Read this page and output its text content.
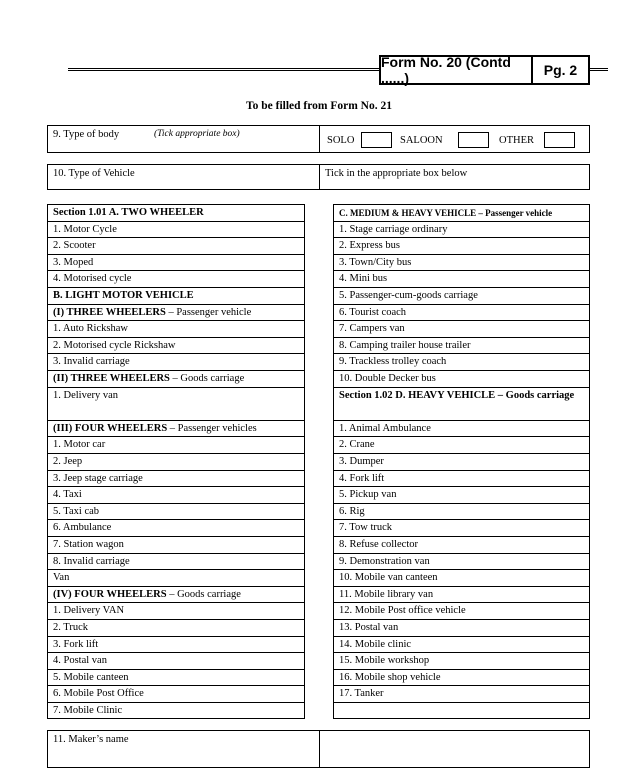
Form No. 20 (Contd ......)	Pg. 2
To be filled from Form No. 21
9. Type of body	(Tick appropriate box)
SOLO	SALOON	OTHER
10. Type of Vehicle	Tick in the appropriate box below
Section 1.01 A. TWO WHEELER
1. Motor Cycle
2. Scooter
3. Moped
4. Motorised cycle
B. LIGHT MOTOR VEHICLE
(I) THREE WHEELERS – Passenger vehicle
1. Auto Rickshaw
2. Motorised cycle Rickshaw
3. Invalid carriage
(II) THREE WHEELERS – Goods carriage
1. Delivery van
(III) FOUR WHEELERS – Passenger vehicles
1. Motor car
2. Jeep
3. Jeep stage carriage
4. Taxi
5. Taxi cab
6. Ambulance
7. Station wagon
8. Invalid carriage
Van
(IV) FOUR WHEELERS – Goods carriage
1. Delivery VAN
2. Truck
3. Fork lift
4. Postal van
5. Mobile canteen
6. Mobile Post Office
7. Mobile Clinic
C. MEDIUM & HEAVY VEHICLE – Passenger vehicle
1. Stage carriage ordinary
2. Express bus
3. Town/City bus
4. Mini bus
5. Passenger-cum-goods carriage
6. Tourist coach
7. Campers van
8. Camping trailer house trailer
9. Trackless trolley coach
10. Double Decker bus
Section 1.02 D. HEAVY VEHICLE – Goods carriage
1. Animal Ambulance
2. Crane
3. Dumper
4. Fork lift
5. Pickup van
6. Rig
7. Tow truck
8. Refuse collector
9. Demonstration van
10. Mobile van canteen
11. Mobile library van
12. Mobile Post office vehicle
13. Postal van
14. Mobile clinic
15. Mobile workshop
16. Mobile shop vehicle
17. Tanker
11. Maker’s name
